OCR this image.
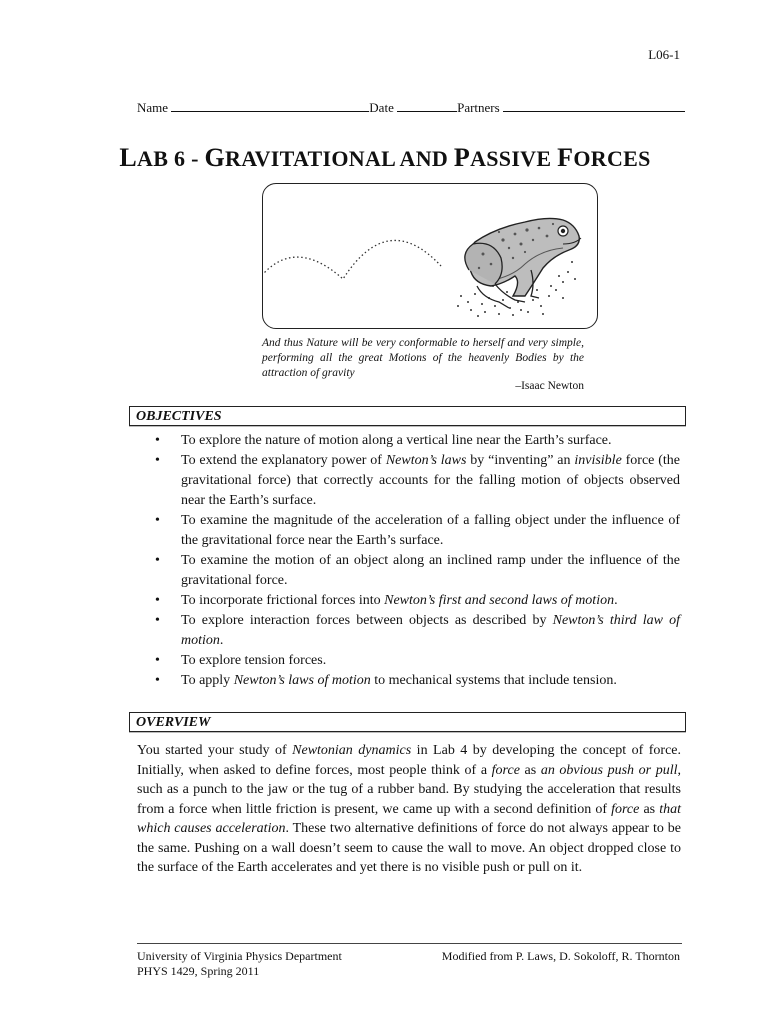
L06-1
Name	Date	Partners
LAB 6 - GRAVITATIONAL AND PASSIVE FORCES
And thus Nature will be very conformable to herself and very simple, performing all the great Motions of the heavenly Bodies by the attraction of gravity
–Isaac Newton
OBJECTIVES
• To explore the nature of motion along a vertical line near the Earth’s surface.
• To extend the explanatory power of Newton’s laws by “inventing” an invisible force (the gravitational force) that correctly accounts for the falling motion of objects observed near the Earth’s surface.
• To examine the magnitude of the acceleration of a falling object under the influence of the gravitational force near the Earth’s surface.
• To examine the motion of an object along an inclined ramp under the influence of the gravitational force.
• To incorporate frictional forces into Newton’s first and second laws of motion.
• To explore interaction forces between objects as described by Newton’s third law of motion.
• To explore tension forces.
• To apply Newton’s laws of motion to mechanical systems that include tension.
OVERVIEW
You started your study of Newtonian dynamics in Lab 4 by developing the concept of force. Initially, when asked to define forces, most people think of a force as an obvious push or pull, such as a punch to the jaw or the tug of a rubber band. By studying the acceleration that results from a force when little friction is present, we came up with a second definition of force as that which causes acceleration. These two alternative definitions of force do not always appear to be the same. Pushing on a wall doesn’t seem to cause the wall to move. An object dropped close to the surface of the Earth accelerates and yet there is no visible push or pull on it.
University of Virginia Physics Department
PHYS 1429, Spring 2011
Modified from P. Laws, D. Sokoloff, R. Thornton
